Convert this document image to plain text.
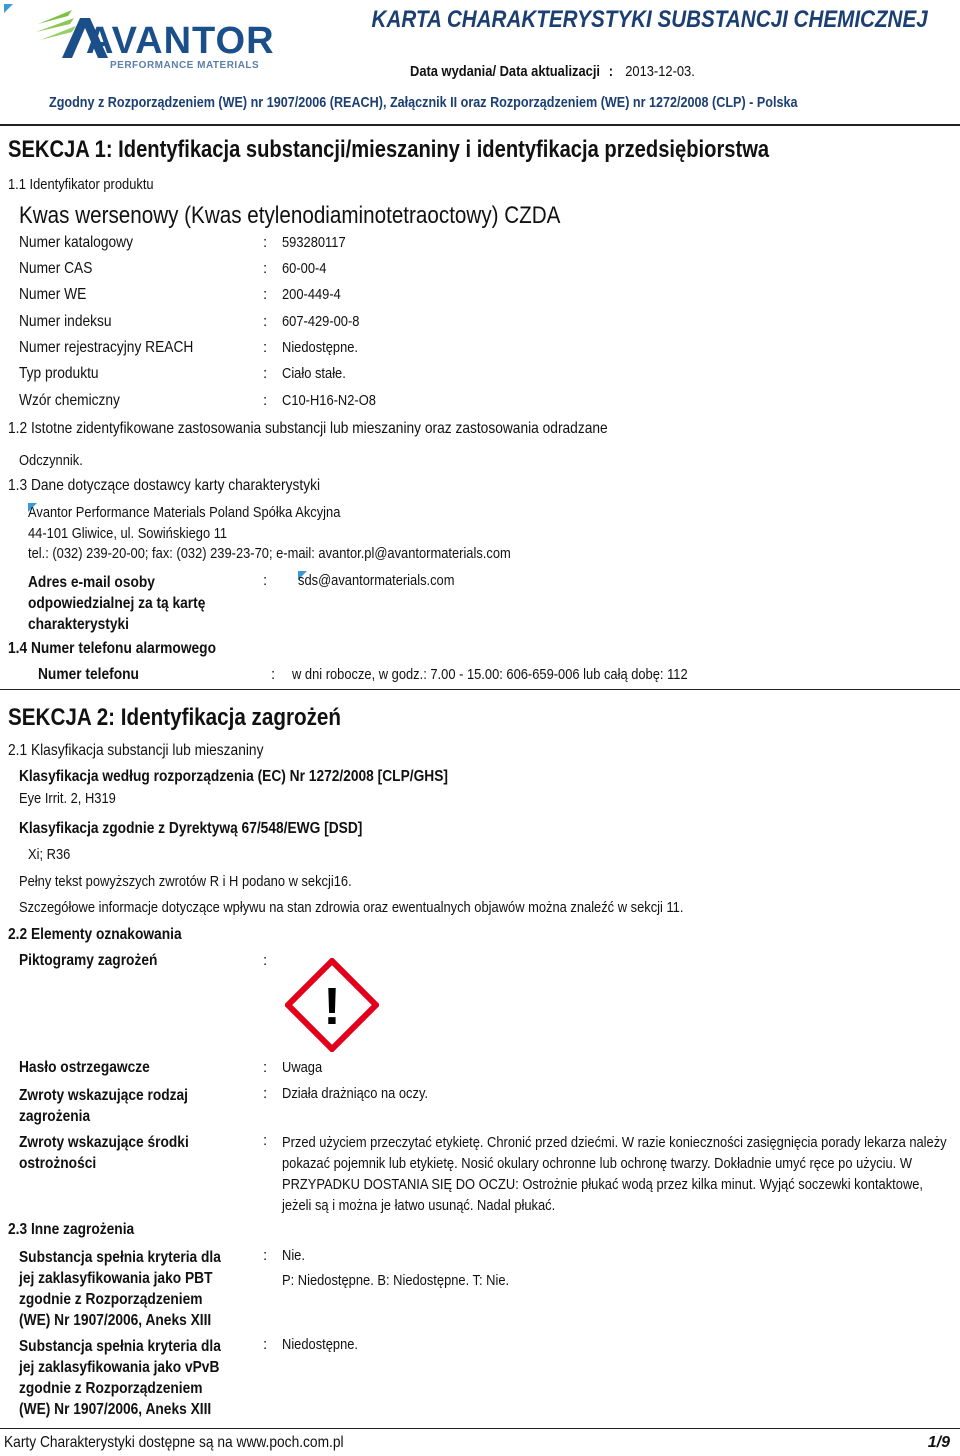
AVANTOR
PERFORMANCE MATERIALS
KARTA CHARAKTERYSTYKI SUBSTANCJI CHEMICZNEJ
Data wydania/ Data aktualizacji : 2013-12-03.
Zgodny z Rozporządzeniem (WE) nr 1907/2006 (REACH), Załącznik II oraz Rozporządzeniem (WE) nr 1272/2008 (CLP) - Polska
SEKCJA 1: Identyfikacja substancji/mieszaniny i identyfikacja przedsiębiorstwa
1.1 Identyfikator produktu
Kwas wersenowy (Kwas etylenodiaminotetraoctowy) CZDA
Numer katalogowy	: 593280117
Numer CAS	: 60-00-4
Numer WE	: 200-449-4
Numer indeksu	: 607-429-00-8
Numer rejestracyjny REACH	: Niedostępne.
Typ produktu	: Ciało stałe.
Wzór chemiczny	: C10-H16-N2-O8
1.2 Istotne zidentyfikowane zastosowania substancji lub mieszaniny oraz zastosowania odradzane
Odczynnik.
1.3 Dane dotyczące dostawcy karty charakterystyki
Avantor Performance Materials Poland Spółka Akcyjna
44-101 Gliwice, ul. Sowińskiego 11
tel.: (032) 239-20-00; fax: (032) 239-23-70; e-mail: avantor.pl@avantormaterials.com
Adres e-mail osoby odpowiedzialnej za tą kartę charakterystyki
: sds@avantormaterials.com
1.4 Numer telefonu alarmowego
Numer telefonu	: w dni robocze, w godz.: 7.00 - 15.00: 606-659-006 lub całą dobę: 112
SEKCJA 2: Identyfikacja zagrożeń
2.1 Klasyfikacja substancji lub mieszaniny
Klasyfikacja według rozporządzenia (EC) Nr 1272/2008 [CLP/GHS]
Eye Irrit. 2, H319
Klasyfikacja zgodnie z Dyrektywą 67/548/EWG [DSD]
Xi; R36
Pełny tekst powyższych zwrotów R i H podano w sekcji16.
Szczegółowe informacje dotyczące wpływu na stan zdrowia oraz ewentualnych objawów można znaleźć w sekcji 11.
2.2 Elementy oznakowania
Piktogramy zagrożeń	:
!
Hasło ostrzegawcze	: Uwaga
Zwroty wskazujące rodzaj zagrożenia
: Działa drażniąco na oczy.
Zwroty wskazujące środki ostrożności
: Przed użyciem przeczytać etykietę. Chronić przed dziećmi. W razie konieczności zasięgnięcia porady lekarza należy pokazać pojemnik lub etykietę. Nosić okulary ochronne lub ochronę twarzy. Dokładnie umyć ręce po użyciu. W PRZYPADKU DOSTANIA SIĘ DO OCZU: Ostrożnie płukać wodą przez kilka minut. Wyjąć soczewki kontaktowe, jeżeli są i można je łatwo usunąć. Nadal płukać.
2.3 Inne zagrożenia
Substancja spełnia kryteria dla jej zaklasyfikowania jako PBT zgodnie z Rozporządzeniem (WE) Nr 1907/2006, Aneks XIII
: Nie.
P: Niedostępne. B: Niedostępne. T: Nie.
Substancja spełnia kryteria dla jej zaklasyfikowania jako vPvB zgodnie z Rozporządzeniem (WE) Nr 1907/2006, Aneks XIII
: Niedostępne.
Karty Charakterystyki dostępne są na www.poch.com.pl	1/9
